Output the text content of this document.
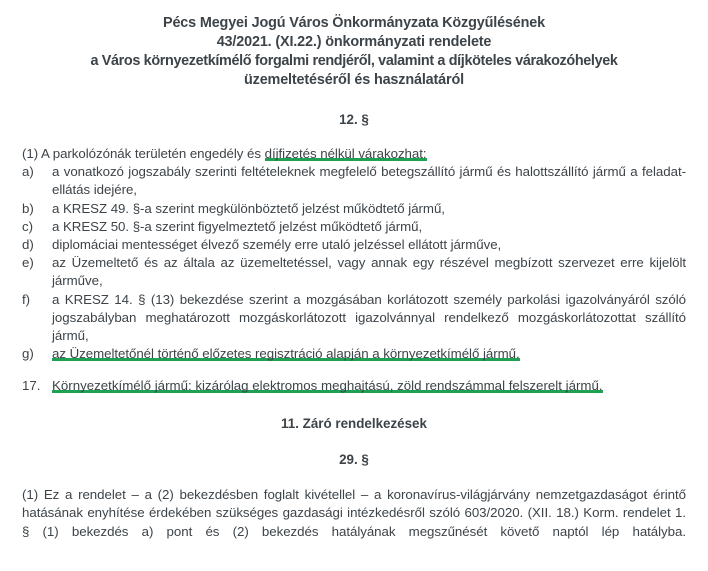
Pécs Megyei Jogú Város Önkormányzata Közgyűlésének
43/2021. (XI.22.) önkormányzati rendelete
a Város környezetkímélő forgalmi rendjéről, valamint a díjköteles várakozóhelyek
üzemeltetéséről és használatáról
12. §
(1) A parkolózónák területén engedély és díjfizetés nélkül várakozhat:
a)	a vonatkozó jogszabály szerinti feltételeknek megfelelő betegszállító jármű és halottszállító jármű a feladat-ellátás idejére,
b)	a KRESZ 49. §-a szerint megkülönböztető jelzést működtető jármű,
c)	a KRESZ 50. §-a szerint figyelmeztető jelzést működtető jármű,
d)	diplomáciai mentességet élvező személy erre utaló jelzéssel ellátott járműve,
e)	az Üzemeltető és az általa az üzemeltetéssel, vagy annak egy részével megbízott szervezet erre kijelölt járműve,
f)	a KRESZ 14. § (13) bekezdése szerint a mozgásában korlátozott személy parkolási igazolványáról szóló jogszabályban meghatározott mozgáskorlátozott igazolvánnyal rendelkező mozgáskorlátozottat szállító jármű,
g)	az Üzemeltetőnél történő előzetes regisztráció alapján a környezetkímélő jármű.
17. Környezetkímélő jármű: kizárólag elektromos meghajtású, zöld rendszámmal felszerelt jármű.
11. Záró rendelkezések
29. §
(1) Ez a rendelet – a (2) bekezdésben foglalt kivétellel – a koronavírus-világjárvány nemzetgazdaságot érintő hatásának enyhítése érdekében szükséges gazdasági intézkedésről szóló 603/2020. (XII. 18.) Korm. rendelet 1. § (1) bekezdés a) pont és (2) bekezdés hatályának megszűnését követő naptól lép hatályba.
